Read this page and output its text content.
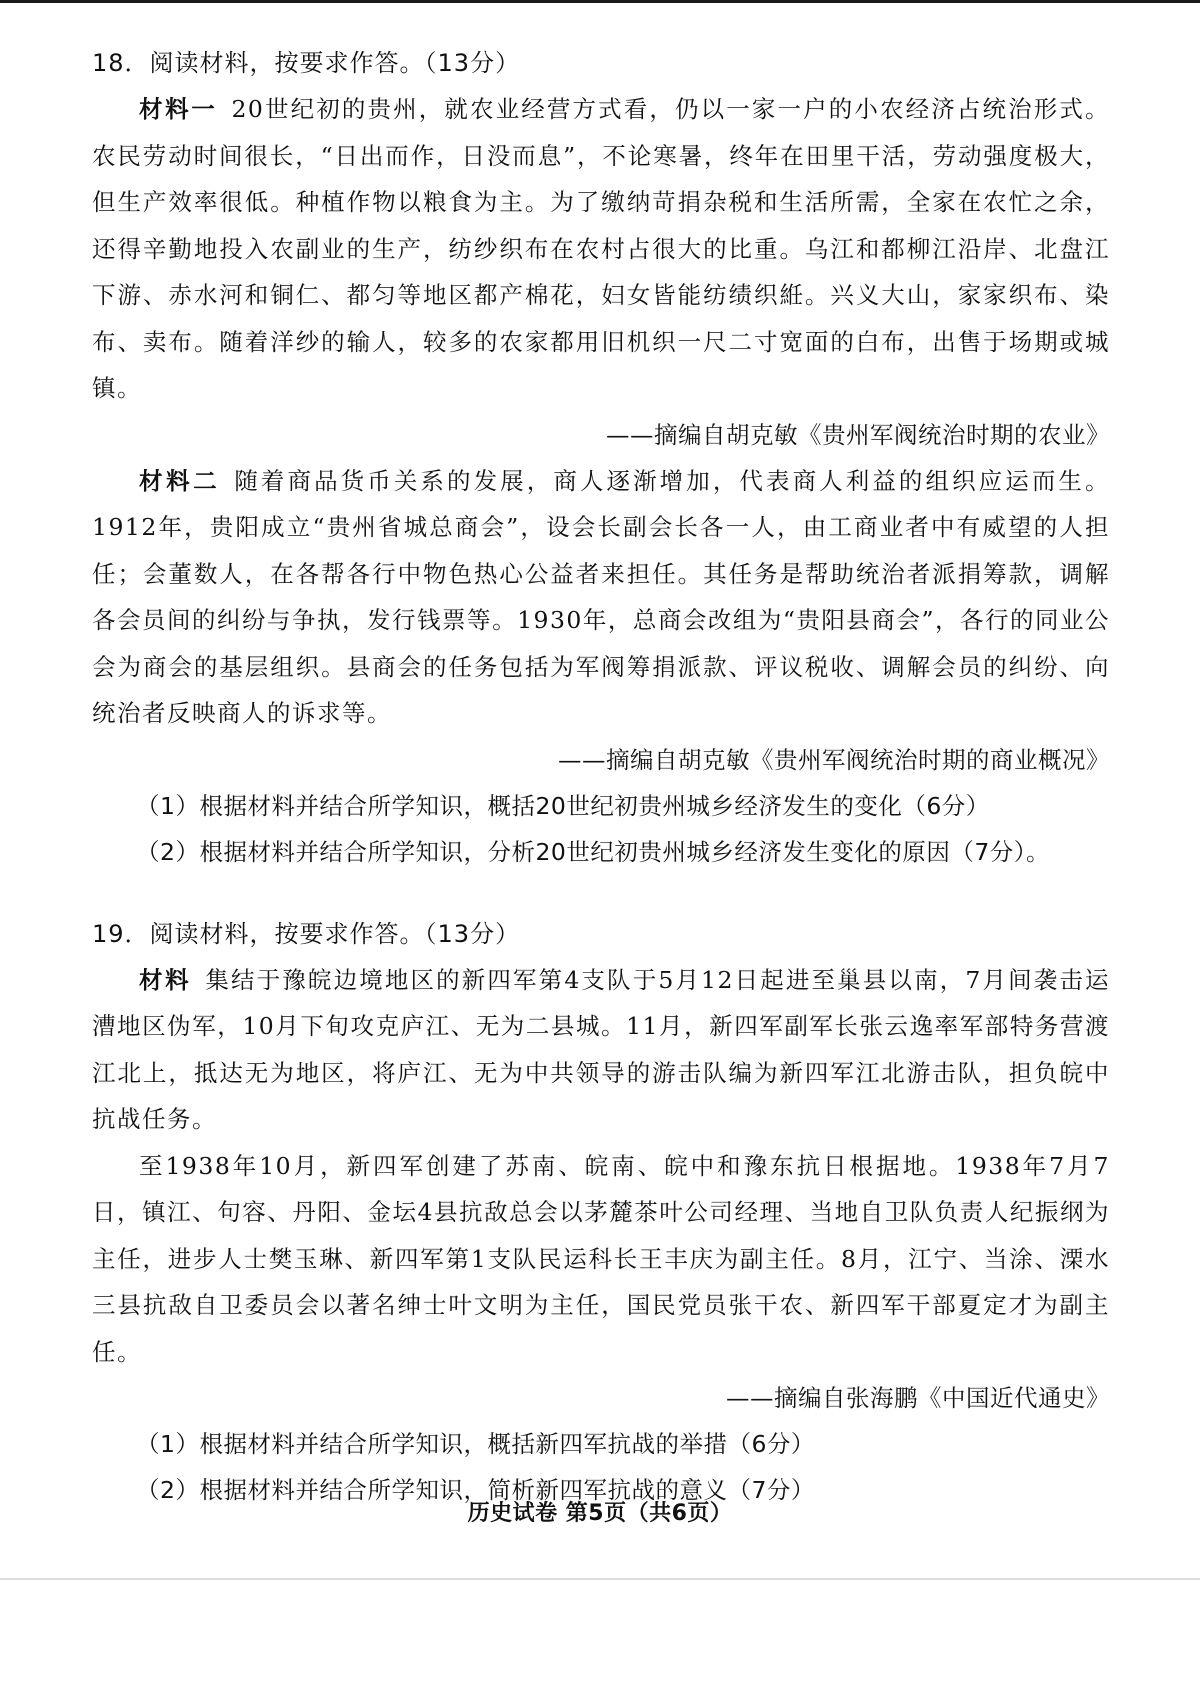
18．阅读材料，按要求作答。（13分）

材料一 20世纪初的贵州，就农业经营方式看，仍以一家一户的小农经济占统治形式。农民劳动时间很长，“日出而作，日没而息”，不论寒暑，终年在田里干活，劳动强度极大，但生产效率很低。种植作物以粮食为主。为了缴纳苛捐杂税和生活所需，全家在农忙之余，还得辛勤地投入农副业的生产，纺纱织布在农村占很大的比重。乌江和都柳江沿岸、北盘江下游、赤水河和铜仁、都匀等地区都产棉花，妇女皆能纺绩织絍。兴义大山，家家织布、染布、卖布。随着洋纱的输人，较多的农家都用旧机织一尺二寸宽面的白布，出售于场期或城镇。

——摘编自胡克敏《贵州军阀统治时期的农业》

材料二 随着商品货币关系的发展，商人逐渐增加，代表商人利益的组织应运而生。1912年，贵阳成立“贵州省城总商会”，设会长副会长各一人，由工商业者中有威望的人担任；会董数人，在各帮各行中物色热心公益者来担任。其任务是帮助统治者派捐筹款，调解各会员间的纠纷与争执，发行钱票等。1930年，总商会改组为“贵阳县商会”，各行的同业公会为商会的基层组织。县商会的任务包括为军阀筹捐派款、评议税收、调解会员的纠纷、向统治者反映商人的诉求等。

——摘编自胡克敏《贵州军阀统治时期的商业概况》

（1）根据材料并结合所学知识，概括20世纪初贵州城乡经济发生的变化（6分）

（2）根据材料并结合所学知识，分析20世纪初贵州城乡经济发生变化的原因（7分）。

19．阅读材料，按要求作答。（13分）

材料 集结于豫皖边境地区的新四军第4支队于5月12日起进至巢县以南，7月间袭击运漕地区伪军，10月下旬攻克庐江、无为二县城。11月，新四军副军长张云逸率军部特务营渡江北上，抵达无为地区，将庐江、无为中共领导的游击队编为新四军江北游击队，担负皖中抗战任务。

至1938年10月，新四军创建了苏南、皖南、皖中和豫东抗日根据地。1938年7月7日，镇江、句容、丹阳、金坛4县抗敌总会以茅麓茶叶公司经理、当地自卫队负责人纪振纲为主任，进步人士樊玉琳、新四军第1支队民运科长王丰庆为副主任。8月，江宁、当涂、溧水三县抗敌自卫委员会以著名绅士叶文明为主任，国民党员张干农、新四军干部夏定才为副主任。

——摘编自张海鹏《中国近代通史》

（1）根据材料并结合所学知识，概括新四军抗战的举措（6分）

（2）根据材料并结合所学知识，简析新四军抗战的意义（7分）

历史试卷 第5页（共6页）
